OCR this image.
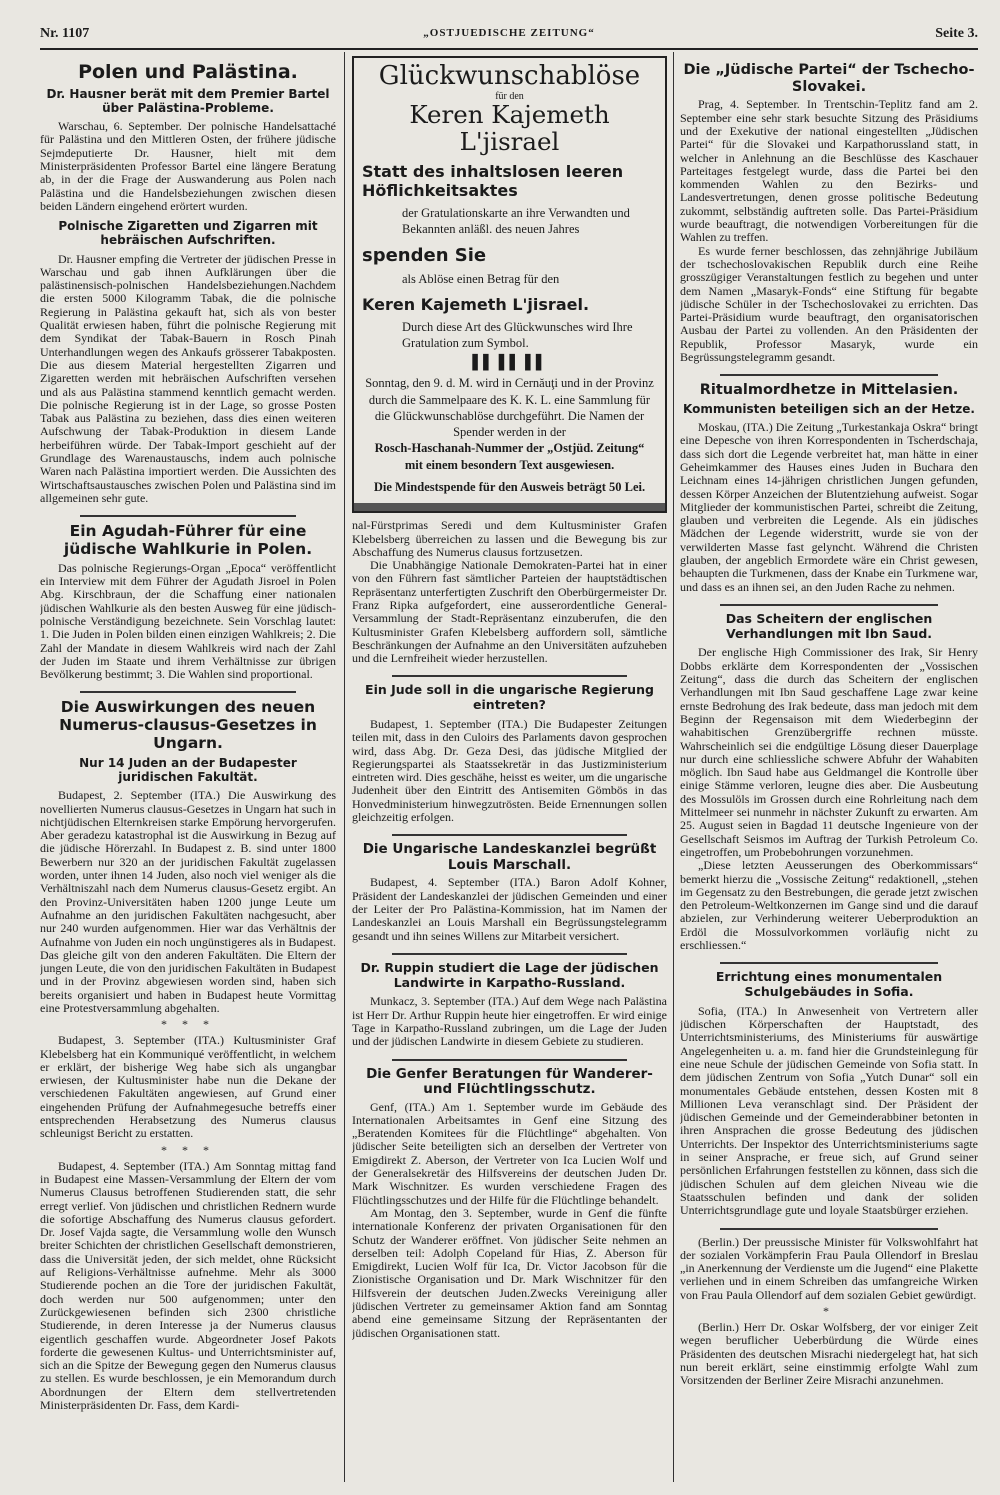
Nr. 1107	„OSTJUEDISCHE ZEITUNG“	Seite 3.
Polen und Palästina.
Dr. Hausner berät mit dem Premier Bartel über Palästina-Probleme.

Warschau, 6. September. Der polnische Handelsattaché für Palästina und den Mittleren Osten, der frühere jüdische Sejmdeputierte Dr. Hausner, hielt mit dem Ministerpräsidenten Professor Bartel eine längere Beratung ab, in der die Frage der Auswanderung aus Polen nach Palästina und die Handelsbeziehungen zwischen diesen beiden Ländern eingehend erörtert wurden.

Polnische Zigaretten und Zigarren mit hebräischen Aufschriften.

Dr. Hausner empfing die Vertreter der jüdischen Presse in Warschau und gab ihnen Aufklärungen über die palästinensisch-polnischen Handelsbeziehungen.Nachdem die ersten 5000 Kilogramm Tabak, die die polnische Regierung in Palästina gekauft hat, sich als von bester Qualität erwiesen haben, führt die polnische Regierung mit dem Syndikat der Tabak-Bauern in Rosch Pinah Unterhandlungen wegen des Ankaufs grösserer Tabakposten. Die aus diesem Material hergestellten Zigarren und Zigaretten werden mit hebräischen Aufschriften versehen und als aus Palästina stammend kenntlich gemacht werden. Die polnische Regierung ist in der Lage, so grosse Posten Tabak aus Palästina zu beziehen, dass dies einen weiteren Aufschwung der Tabak-Produktion in diesem Lande herbeiführen würde. Der Tabak-Import geschieht auf der Grundlage des Warenaustauschs, indem auch polnische Waren nach Palästina importiert werden. Die Aussichten des Wirtschaftsaustausches zwischen Polen und Palästina sind im allgemeinen sehr gute.

Ein Agudah-Führer für eine jüdische Wahlkurie in Polen.

Das polnische Regierungs-Organ „Epoca“ veröffentlicht ein Interview mit dem Führer der Agudath Jisroel in Polen Abg. Kirschbraun, der die Schaffung einer nationalen jüdischen Wahlkurie als den besten Ausweg für eine jüdisch-polnische Verständigung bezeichnete. Sein Vorschlag lautet: 1. Die Juden in Polen bilden einen einzigen Wahlkreis; 2. Die Zahl der Mandate in diesem Wahlkreis wird nach der Zahl der Juden im Staate und ihrem Verhältnisse zur übrigen Bevölkerung bestimmt; 3. Die Wahlen sind proportional.

Die Auswirkungen des neuen Numerus-clausus-Gesetzes in Ungarn.
Nur 14 Juden an der Budapester juridischen Fakultät.

Budapest, 2. September (ITA.) Die Auswirkung des novellierten Numerus clausus-Gesetzes in Ungarn hat such in nichtjüdischen Elternkreisen starke Empörung hervorgerufen. Aber geradezu katastrophal ist die Auswirkung in Bezug auf die jüdische Hörerzahl. In Budapest z. B. sind unter 1800 Bewerbern nur 320 an der juridischen Fakultät zugelassen worden, unter ihnen 14 Juden, also noch viel weniger als die Verhältniszahl nach dem Numerus clausus-Gesetz ergibt. An den Provinz-Universitäten haben 1200 junge Leute um Aufnahme an den juridischen Fakultäten nachgesucht, aber nur 240 wurden aufgenommen. Hier war das Verhältnis der Aufnahme von Juden ein noch ungünstigeres als in Budapest. Das gleiche gilt von den anderen Fakultäten. Die Eltern der jungen Leute, die von den juridischen Fakultäten in Budapest und in der Provinz abgewiesen worden sind, haben sich bereits organisiert und haben in Budapest heute Vormittag eine Protestversammlung abgehalten.

* * *

Budapest, 3. September (ITA.) Kultusminister Graf Klebelsberg hat ein Kommuniqué veröffentlicht, in welchem er erklärt, der bisherige Weg habe sich als ungangbar erwiesen, der Kultusminister habe nun die Dekane der verschiedenen Fakultäten angewiesen, auf Grund einer eingehenden Prüfung der Aufnahmegesuche betreffs einer entsprechenden Herabsetzung des Numerus clausus schleunigst Bericht zu erstatten.

* * *

Budapest, 4. September (ITA.) Am Sonntag mittag fand in Budapest eine Massen-Versammlung der Eltern der vom Numerus Clausus betroffenen Studierenden statt, die sehr erregt verlief. Von jüdischen und christlichen Rednern wurde die sofortige Abschaffung des Numerus clausus gefordert. Dr. Josef Vajda sagte, die Versammlung wolle den Wunsch breiter Schichten der christlichen Gesellschaft demonstrieren, dass die Universität jeden, der sich meldet, ohne Rücksicht auf Religions-Verhältnisse aufnehme. Mehr als 3000 Studierende pochen an die Tore der juridischen Fakultät, doch werden nur 500 aufgenommen; unter den Zurückgewiesenen befinden sich 2300 christliche Studierende, in deren Interesse ja der Numerus clausus eigentlich geschaffen wurde. Abgeordneter Josef Pakots forderte die gewesenen Kultus- und Unterrichtsminister auf, sich an die Spitze der Bewegung gegen den Numerus clausus zu stellen. Es wurde beschlossen, je ein Memorandum durch Abordnungen der Eltern dem stellvertretenden Ministerpräsidenten Dr. Fass, dem Kardi-

Glückwunschablöse
für den
Keren Kajemeth L'jisrael
Statt des inhaltslosen leeren Höflichkeitsaktes
der Gratulationskarte an ihre Verwandten und Bekannten anläßl. des neuen Jahres
spenden Sie
als Ablöse einen Betrag für den
Keren Kajemeth L'jisrael.
Durch diese Art des Glückwunsches wird Ihre Gratulation zum Symbol.
▌▌ ▌▌ ▌▌
Sonntag, den 9. d. M. wird in Cernăuţi und in der Provinz durch die Sammelpaare des K. K. L. eine Sammlung für die Glückwunschablöse durchgeführt. Die Namen der Spender werden in der
Rosch-Haschanah-Nummer der „Ostjüd. Zeitung“
mit einem besondern Text ausgewiesen.
Die Mindestspende für den Ausweis beträgt 50 Lei.

nal-Fürstprimas Seredi und dem Kultusminister Grafen Klebelsberg überreichen zu lassen und die Bewegung bis zur Abschaffung des Numerus clausus fortzusetzen.

Die Unabhängige Nationale Demokraten-Partei hat in einer von den Führern fast sämtlicher Parteien der hauptstädtischen Repräsentanz unterfertigten Zuschrift den Oberbürgermeister Dr. Franz Ripka aufgefordert, eine ausserordentliche General-Versammlung der Stadt-Repräsentanz einzuberufen, die den Kultusminister Grafen Klebelsberg auffordern soll, sämtliche Beschränkungen der Aufnahme an den Universitäten aufzuheben und die Lernfreiheit wieder herzustellen.

Ein Jude soll in die ungarische Regierung eintreten?

Budapest, 1. September (ITA.) Die Budapester Zeitungen teilen mit, dass in den Culoirs des Parlaments davon gesprochen wird, dass Abg. Dr. Geza Desi, das jüdische Mitglied der Regierungspartei als Staatssekretär in das Justizministerium eintreten wird. Dies geschähe, heisst es weiter, um die ungarische Judenheit über den Eintritt des Antisemiten Gömbös in das Honvedministerium hinwegzutrösten. Beide Ernennungen sollen gleichzeitig erfolgen.

Die Ungarische Landeskanzlei begrüßt Louis Marschall.

Budapest, 4. September (ITA.) Baron Adolf Kohner, Präsident der Landeskanzlei der jüdischen Gemeinden und einer der Leiter der Pro Palästina-Kommission, hat im Namen der Landeskanzlei an Louis Marshall ein Begrüssungstelegramm gesandt und ihn seines Willens zur Mitarbeit versichert.

Dr. Ruppin studiert die Lage der jüdischen Landwirte in Karpatho-Russland.

Munkacz, 3. September (ITA.) Auf dem Wege nach Palästina ist Herr Dr. Arthur Ruppin heute hier eingetroffen. Er wird einige Tage in Karpatho-Russland zubringen, um die Lage der Juden und der jüdischen Landwirte in diesem Gebiete zu studieren.

Die Genfer Beratungen für Wanderer- und Flüchtlingsschutz.

Genf, (ITA.) Am 1. September wurde im Gebäude des Internationalen Arbeitsamtes in Genf eine Sitzung des „Beratenden Komitees für die Flüchtlinge“ abgehalten. Von jüdischer Seite beteiligten sich an derselben der Vertreter von Emigdirekt Z. Aberson, der Vertreter von Ica Lucien Wolf und der Generalsekretär des Hilfsvereins der deutschen Juden Dr. Mark Wischnitzer. Es wurden verschiedene Fragen des Flüchtlingsschutzes und der Hilfe für die Flüchtlinge behandelt.

Am Montag, den 3. September, wurde in Genf die fünfte internationale Konferenz der privaten Organisationen für den Schutz der Wanderer eröffnet. Von jüdischer Seite nehmen an derselben teil: Adolph Copeland für Hias, Z. Aberson für Emigdirekt, Lucien Wolf für Ica, Dr. Victor Jacobson für die Zionistische Organisation und Dr. Mark Wischnitzer für den Hilfsverein der deutschen Juden.Zwecks Vereinigung aller jüdischen Vertreter zu gemeinsamer Aktion fand am Sonntag abend eine gemeinsame Sitzung der Repräsentanten der jüdischen Organisationen statt.

Die „Jüdische Partei“ der Tschecho-Slovakei.

Prag, 4. September. In Trentschin-Teplitz fand am 2. September eine sehr stark besuchte Sitzung des Präsidiums und der Exekutive der national eingestellten „Jüdischen Partei“ für die Slovakei und Karpathorussland statt, in welcher in Anlehnung an die Beschlüsse des Kaschauer Parteitages festgelegt wurde, dass die Partei bei den kommenden Wahlen zu den Bezirks- und Landesvertretungen, denen grosse politische Bedeutung zukommt, selbständig auftreten solle. Das Partei-Präsidium wurde beauftragt, die notwendigen Vorbereitungen für die Wahlen zu treffen.

Es wurde ferner beschlossen, das zehnjährige Jubiläum der tschechoslovakischen Republik durch eine Reihe grosszügiger Veranstaltungen festlich zu begehen und unter dem Namen „Masaryk-Fonds“ eine Stiftung für begabte jüdische Schüler in der Tschechoslovakei zu errichten. Das Partei-Präsidium wurde beauftragt, den organisatorischen Ausbau der Partei zu vollenden. An den Präsidenten der Republik, Professor Masaryk, wurde ein Begrüssungstelegramm gesandt.

Ritualmordhetze in Mittelasien.
Kommunisten beteiligen sich an der Hetze.

Moskau, (ITA.) Die Zeitung „Turkestankaja Oskra“ bringt eine Depesche von ihren Korrespondenten in Tscherdschaja, dass sich dort die Legende verbreitet hat, man hätte in einer Geheimkammer des Hauses eines Juden in Buchara den Leichnam eines 14-jährigen christlichen Jungen gefunden, dessen Körper Anzeichen der Blutentziehung aufweist. Sogar Mitglieder der kommunistischen Partei, schreibt die Zeitung, glauben und verbreiten die Legende. Als ein jüdisches Mädchen der Legende widerstritt, wurde sie von der verwilderten Masse fast gelyncht. Während die Christen glauben, der angeblich Ermordete wäre ein Christ gewesen, behaupten die Turkmenen, dass der Knabe ein Turkmene war, und dass es an ihnen sei, an den Juden Rache zu nehmen.

Das Scheitern der englischen Verhandlungen mit Ibn Saud.

Der englische High Commissioner des Irak, Sir Henry Dobbs erklärte dem Korrespondenten der „Vossischen Zeitung“, dass die durch das Scheitern der englischen Verhandlungen mit Ibn Saud geschaffene Lage zwar keine ernste Bedrohung des Irak bedeute, dass man jedoch mit dem Beginn der Regensaison mit dem Wiederbeginn der wahabitischen Grenzübergriffe rechnen müsste. Wahrscheinlich sei die endgültige Lösung dieser Dauerplage nur durch eine schliessliche schwere Abfuhr der Wahabiten möglich. Ibn Saud habe aus Geldmangel die Kontrolle über einige Stämme verloren, leugne dies aber. Die Ausbeutung des Mossulöls im Grossen durch eine Rohrleitung nach dem Mittelmeer sei nunmehr in nächster Zukunft zu erwarten. Am 25. August seien in Bagdad 11 deutsche Ingenieure von der Gesellschaft Seismos im Auftrag der Turkish Petroleum Co. eingetroffen, um Probebohrungen vorzunehmen.

„Diese letzten Aeusserungen des Oberkommissars“ bemerkt hierzu die „Vossische Zeitung“ redaktionell, „stehen im Gegensatz zu den Bestrebungen, die gerade jetzt zwischen den Petroleum-Weltkonzernen im Gange sind und die darauf abzielen, zur Verhinderung weiterer Ueberproduktion an Erdöl die Mossulvorkommen vorläufig nicht zu erschliessen.“

Errichtung eines monumentalen Schulgebäudes in Sofia.

Sofia, (ITA.) In Anwesenheit von Vertretern aller jüdischen Körperschaften der Hauptstadt, des Unterrichtsministeriums, des Ministeriums für auswärtige Angelegenheiten u. a. m. fand hier die Grundsteinlegung für eine neue Schule der jüdischen Gemeinde von Sofia statt. In dem jüdischen Zentrum von Sofia „Yutch Dunar“ soll ein monumentales Gebäude entstehen, dessen Kosten mit 8 Millionen Leva veranschlagt sind. Der Präsident der jüdischen Gemeinde und der Gemeinderabbiner betonten in ihren Ansprachen die grosse Bedeutung des jüdischen Unterrichts. Der Inspektor des Unterrichtsministeriums sagte in seiner Ansprache, er freue sich, auf Grund seiner persönlichen Erfahrungen feststellen zu können, dass sich die jüdischen Schulen auf dem gleichen Niveau wie die Staatsschulen befinden und dank der soliden Unterrichtsgrundlage gute und loyale Staatsbürger erziehen.

(Berlin.) Der preussische Minister für Volkswohlfahrt hat der sozialen Vorkämpferin Frau Paula Ollendorf in Breslau „in Anerkennung der Verdienste um die Jugend“ eine Plakette verliehen und in einem Schreiben das umfangreiche Wirken von Frau Paula Ollendorf auf dem sozialen Gebiet gewürdigt.

*

(Berlin.) Herr Dr. Oskar Wolfsberg, der vor einiger Zeit wegen beruflicher Ueberbürdung die Würde eines Präsidenten des deutschen Misrachi niedergelegt hat, hat sich nun bereit erklärt, seine einstimmig erfolgte Wahl zum Vorsitzenden der Berliner Zeire Misrachi anzunehmen.
